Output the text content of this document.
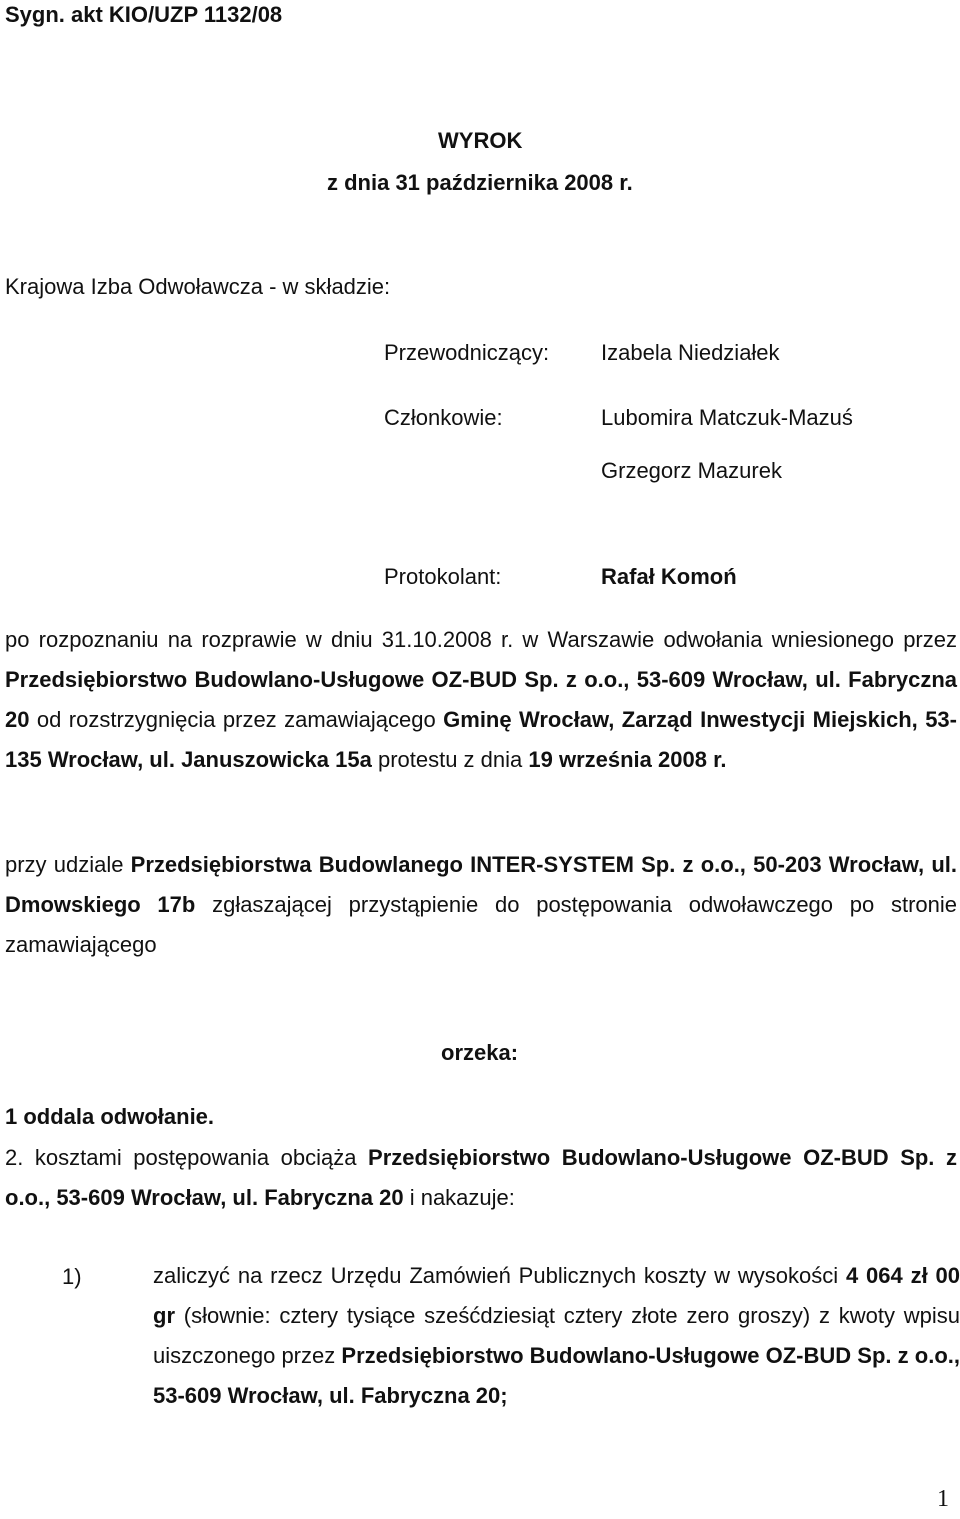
Sygn. akt KIO/UZP 1132/08
WYROK
z dnia 31 października 2008 r.
Krajowa Izba Odwoławcza - w składzie:
Przewodniczący: Izabela Niedziałek
Członkowie:	Lubomira Matczuk-Mazuś
Grzegorz Mazurek
Protokolant:	Rafał Komoń
po rozpoznaniu na rozprawie w dniu 31.10.2008 r. w Warszawie odwołania wniesionego przez Przedsiębiorstwo Budowlano-Usługowe OZ-BUD Sp. z o.o., 53-609 Wrocław, ul. Fabryczna 20 od rozstrzygnięcia przez zamawiającego Gminę Wrocław, Zarząd Inwestycji Miejskich, 53-135 Wrocław, ul. Januszowicka 15a protestu z dnia 19 września 2008 r.
przy udziale Przedsiębiorstwa Budowlanego INTER-SYSTEM Sp. z o.o., 50-203 Wrocław, ul. Dmowskiego 17b zgłaszającej przystąpienie do postępowania odwoławczego po stronie zamawiającego
orzeka:
1 oddala odwołanie.
2. kosztami postępowania obciąża Przedsiębiorstwo Budowlano-Usługowe OZ-BUD Sp. z o.o., 53-609 Wrocław, ul. Fabryczna 20 i nakazuje:
1)	zaliczyć na rzecz Urzędu Zamówień Publicznych koszty w wysokości 4 064 zł 00 gr (słownie: cztery tysiące sześćdziesiąt cztery złote zero groszy) z kwoty wpisu uiszczonego przez Przedsiębiorstwo Budowlano-Usługowe OZ-BUD Sp. z o.o., 53-609 Wrocław, ul. Fabryczna 20;
1
